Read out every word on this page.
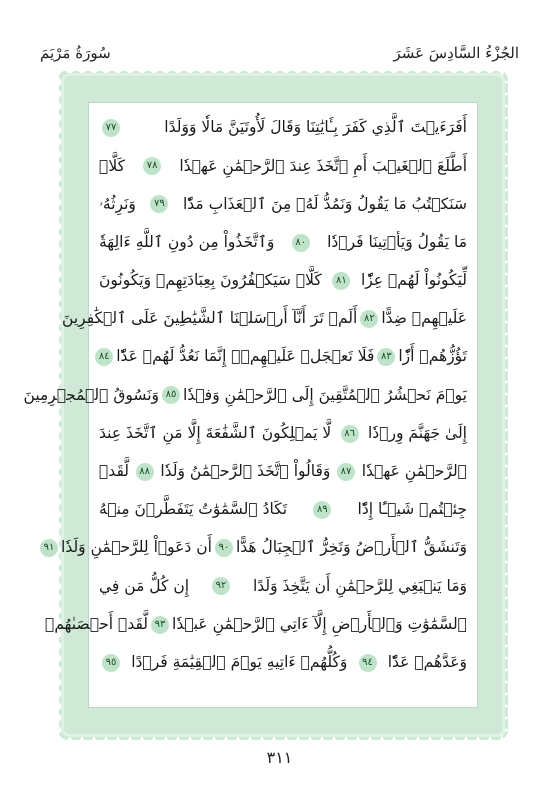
سُورَةُ مَرْيَمَ	الجُزْءُ السَّادِسَ عَشَرَ
أَفَرَءَيۡتَ ٱلَّذِي كَفَرَ بِـَٔايَٰتِنَا وَقَالَ لَأُوتَيَنَّ مَالٗا وَوَلَدًا
٧٧
أَطَّلَعَ ٱلۡغَيۡبَ أَمِ ٱتَّخَذَ عِندَ ٱلرَّحۡمَٰنِ عَهۡدٗا
٧٨
كَلَّاۚ
سَنَكۡتُبُ مَا يَقُولُ وَنَمُدُّ لَهُۥ مِنَ ٱلۡعَذَابِ مَدّٗا
٧٩
وَنَرِثُهُۥ
مَا يَقُولُ وَيَأۡتِينَا فَرۡدٗا
٨٠
وَٱتَّخَذُواْ مِن دُونِ ٱللَّهِ ءَالِهَةٗ
لِّيَكُونُواْ لَهُمۡ عِزّٗا
٨١
كَلَّاۚ سَيَكۡفُرُونَ بِعِبَادَتِهِمۡ وَيَكُونُونَ
عَلَيۡهِمۡ ضِدًّا
٨٢
أَلَمۡ تَرَ أَنَّآ أَرۡسَلۡنَا ٱلشَّيَٰطِينَ عَلَى ٱلۡكَٰفِرِينَ
تَؤُزُّهُمۡ أَزّٗا
٨٣
فَلَا تَعۡجَلۡ عَلَيۡهِمۡۖ إِنَّمَا نَعُدُّ لَهُمۡ عَدّٗا
٨٤
يَوۡمَ نَحۡشُرُ ٱلۡمُتَّقِينَ إِلَى ٱلرَّحۡمَٰنِ وَفۡدٗا
٨٥
وَنَسُوقُ ٱلۡمُجۡرِمِينَ
إِلَىٰ جَهَنَّمَ وِرۡدٗا
٨٦
لَّا يَمۡلِكُونَ ٱلشَّفَٰعَةَ إِلَّا مَنِ ٱتَّخَذَ عِندَ
ٱلرَّحۡمَٰنِ عَهۡدٗا
٨٧
وَقَالُواْ ٱتَّخَذَ ٱلرَّحۡمَٰنُ وَلَدٗا
٨٨
لَّقَدۡ
جِئۡتُمۡ شَيۡـًٔا إِدّٗا
٨٩
تَكَادُ ٱلسَّمَٰوَٰتُ يَتَفَطَّرۡنَ مِنۡهُ
وَتَنشَقُّ ٱلۡأَرۡضُ وَتَخِرُّ ٱلۡجِبَالُ هَدًّا
٩٠
أَن دَعَوۡاْ لِلرَّحۡمَٰنِ وَلَدٗا
٩١
وَمَا يَنۢبَغِي لِلرَّحۡمَٰنِ أَن يَتَّخِذَ وَلَدًا
٩٢
إِن كُلُّ مَن فِي
ٱلسَّمَٰوَٰتِ وَٱلۡأَرۡضِ إِلَّآ ءَاتِي ٱلرَّحۡمَٰنِ عَبۡدٗا
٩٣
لَّقَدۡ أَحۡصَىٰهُمۡ
وَعَدَّهُمۡ عَدّٗا
٩٤
وَكُلُّهُمۡ ءَاتِيهِ يَوۡمَ ٱلۡقِيَٰمَةِ فَرۡدًا
٩٥
٣١١
